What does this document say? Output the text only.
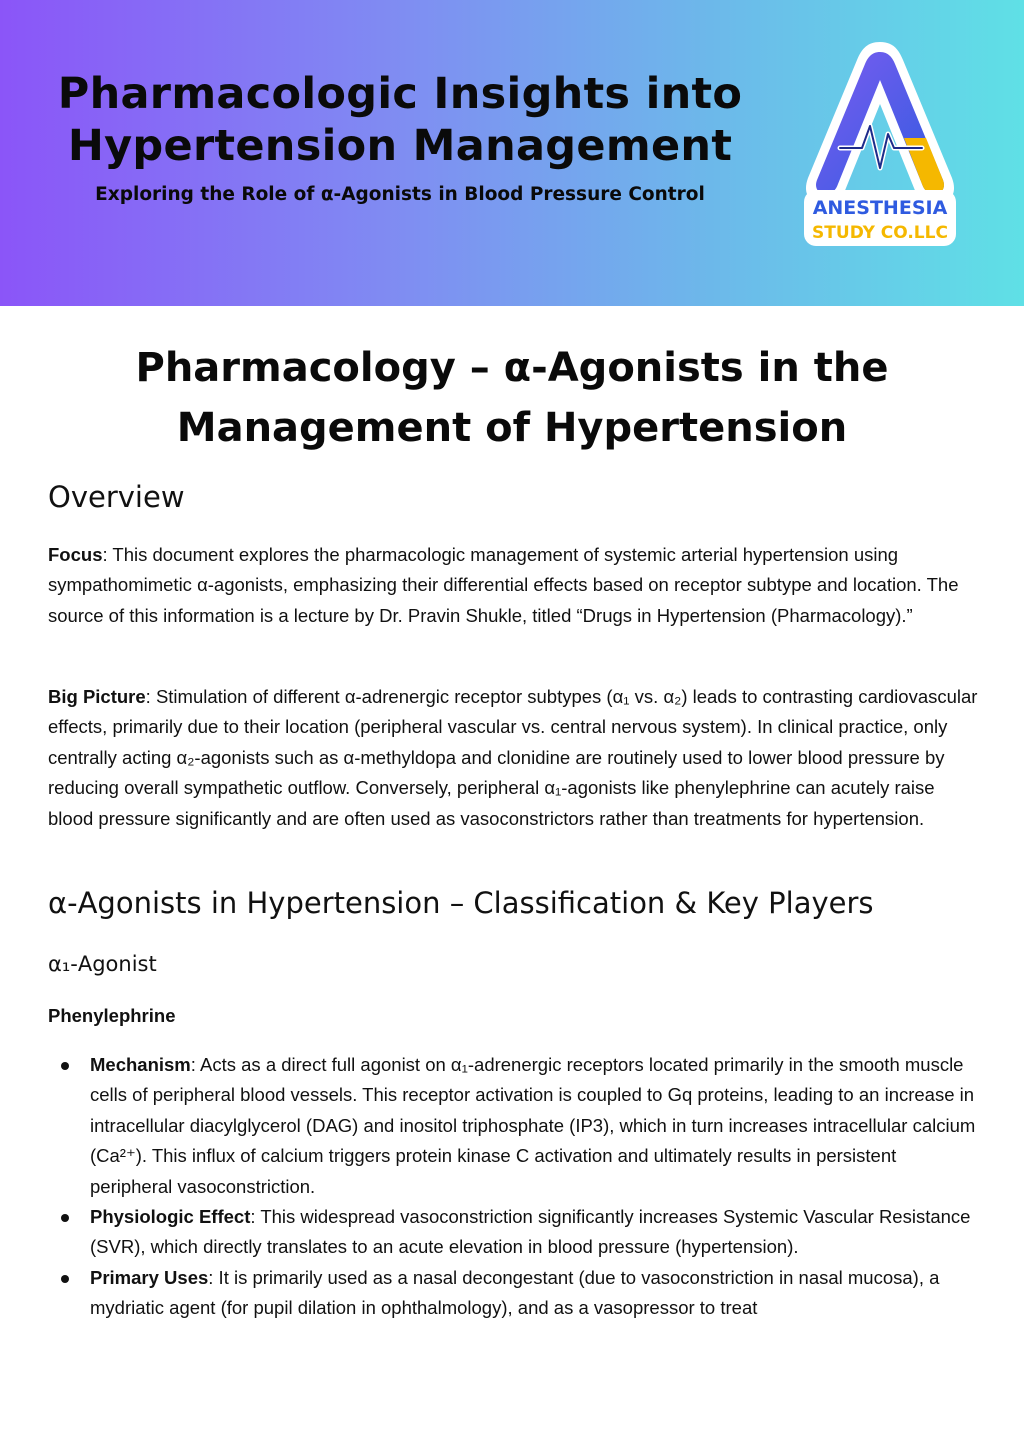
Pharmacologic Insights into Hypertension Management

Exploring the Role of α-Agonists in Blood Pressure Control

ANESTHESIA
STUDY CO.LLC
Pharmacology – α-Agonists in the Management of Hypertension
Overview

Focus: This document explores the pharmacologic management of systemic arterial hypertension using sympathomimetic α-agonists, emphasizing their differential effects based on receptor subtype and location. The source of this information is a lecture by Dr. Pravin Shukle, titled “Drugs in Hypertension (Pharmacology).”

Big Picture: Stimulation of different α-adrenergic receptor subtypes (α₁ vs. α₂) leads to contrasting cardiovascular effects, primarily due to their location (peripheral vascular vs. central nervous system). In clinical practice, only centrally acting α₂-agonists such as α-methyldopa and clonidine are routinely used to lower blood pressure by reducing overall sympathetic outflow. Conversely, peripheral α₁-agonists like phenylephrine can acutely raise blood pressure significantly and are often used as vasoconstrictors rather than treatments for hypertension.

α-Agonists in Hypertension – Classification & Key Players
α₁-Agonist

Phenylephrine

Mechanism: Acts as a direct full agonist on α₁-adrenergic receptors located primarily in the smooth muscle cells of peripheral blood vessels. This receptor activation is coupled to Gq proteins, leading to an increase in intracellular diacylglycerol (DAG) and inositol triphosphate (IP3), which in turn increases intracellular calcium (Ca²⁺). This influx of calcium triggers protein kinase C activation and ultimately results in persistent peripheral vasoconstriction.
Physiologic Effect: This widespread vasoconstriction significantly increases Systemic Vascular Resistance (SVR), which directly translates to an acute elevation in blood pressure (hypertension).
Primary Uses: It is primarily used as a nasal decongestant (due to vasoconstriction in nasal mucosa), a mydriatic agent (for pupil dilation in ophthalmology), and as a vasopressor to treat
